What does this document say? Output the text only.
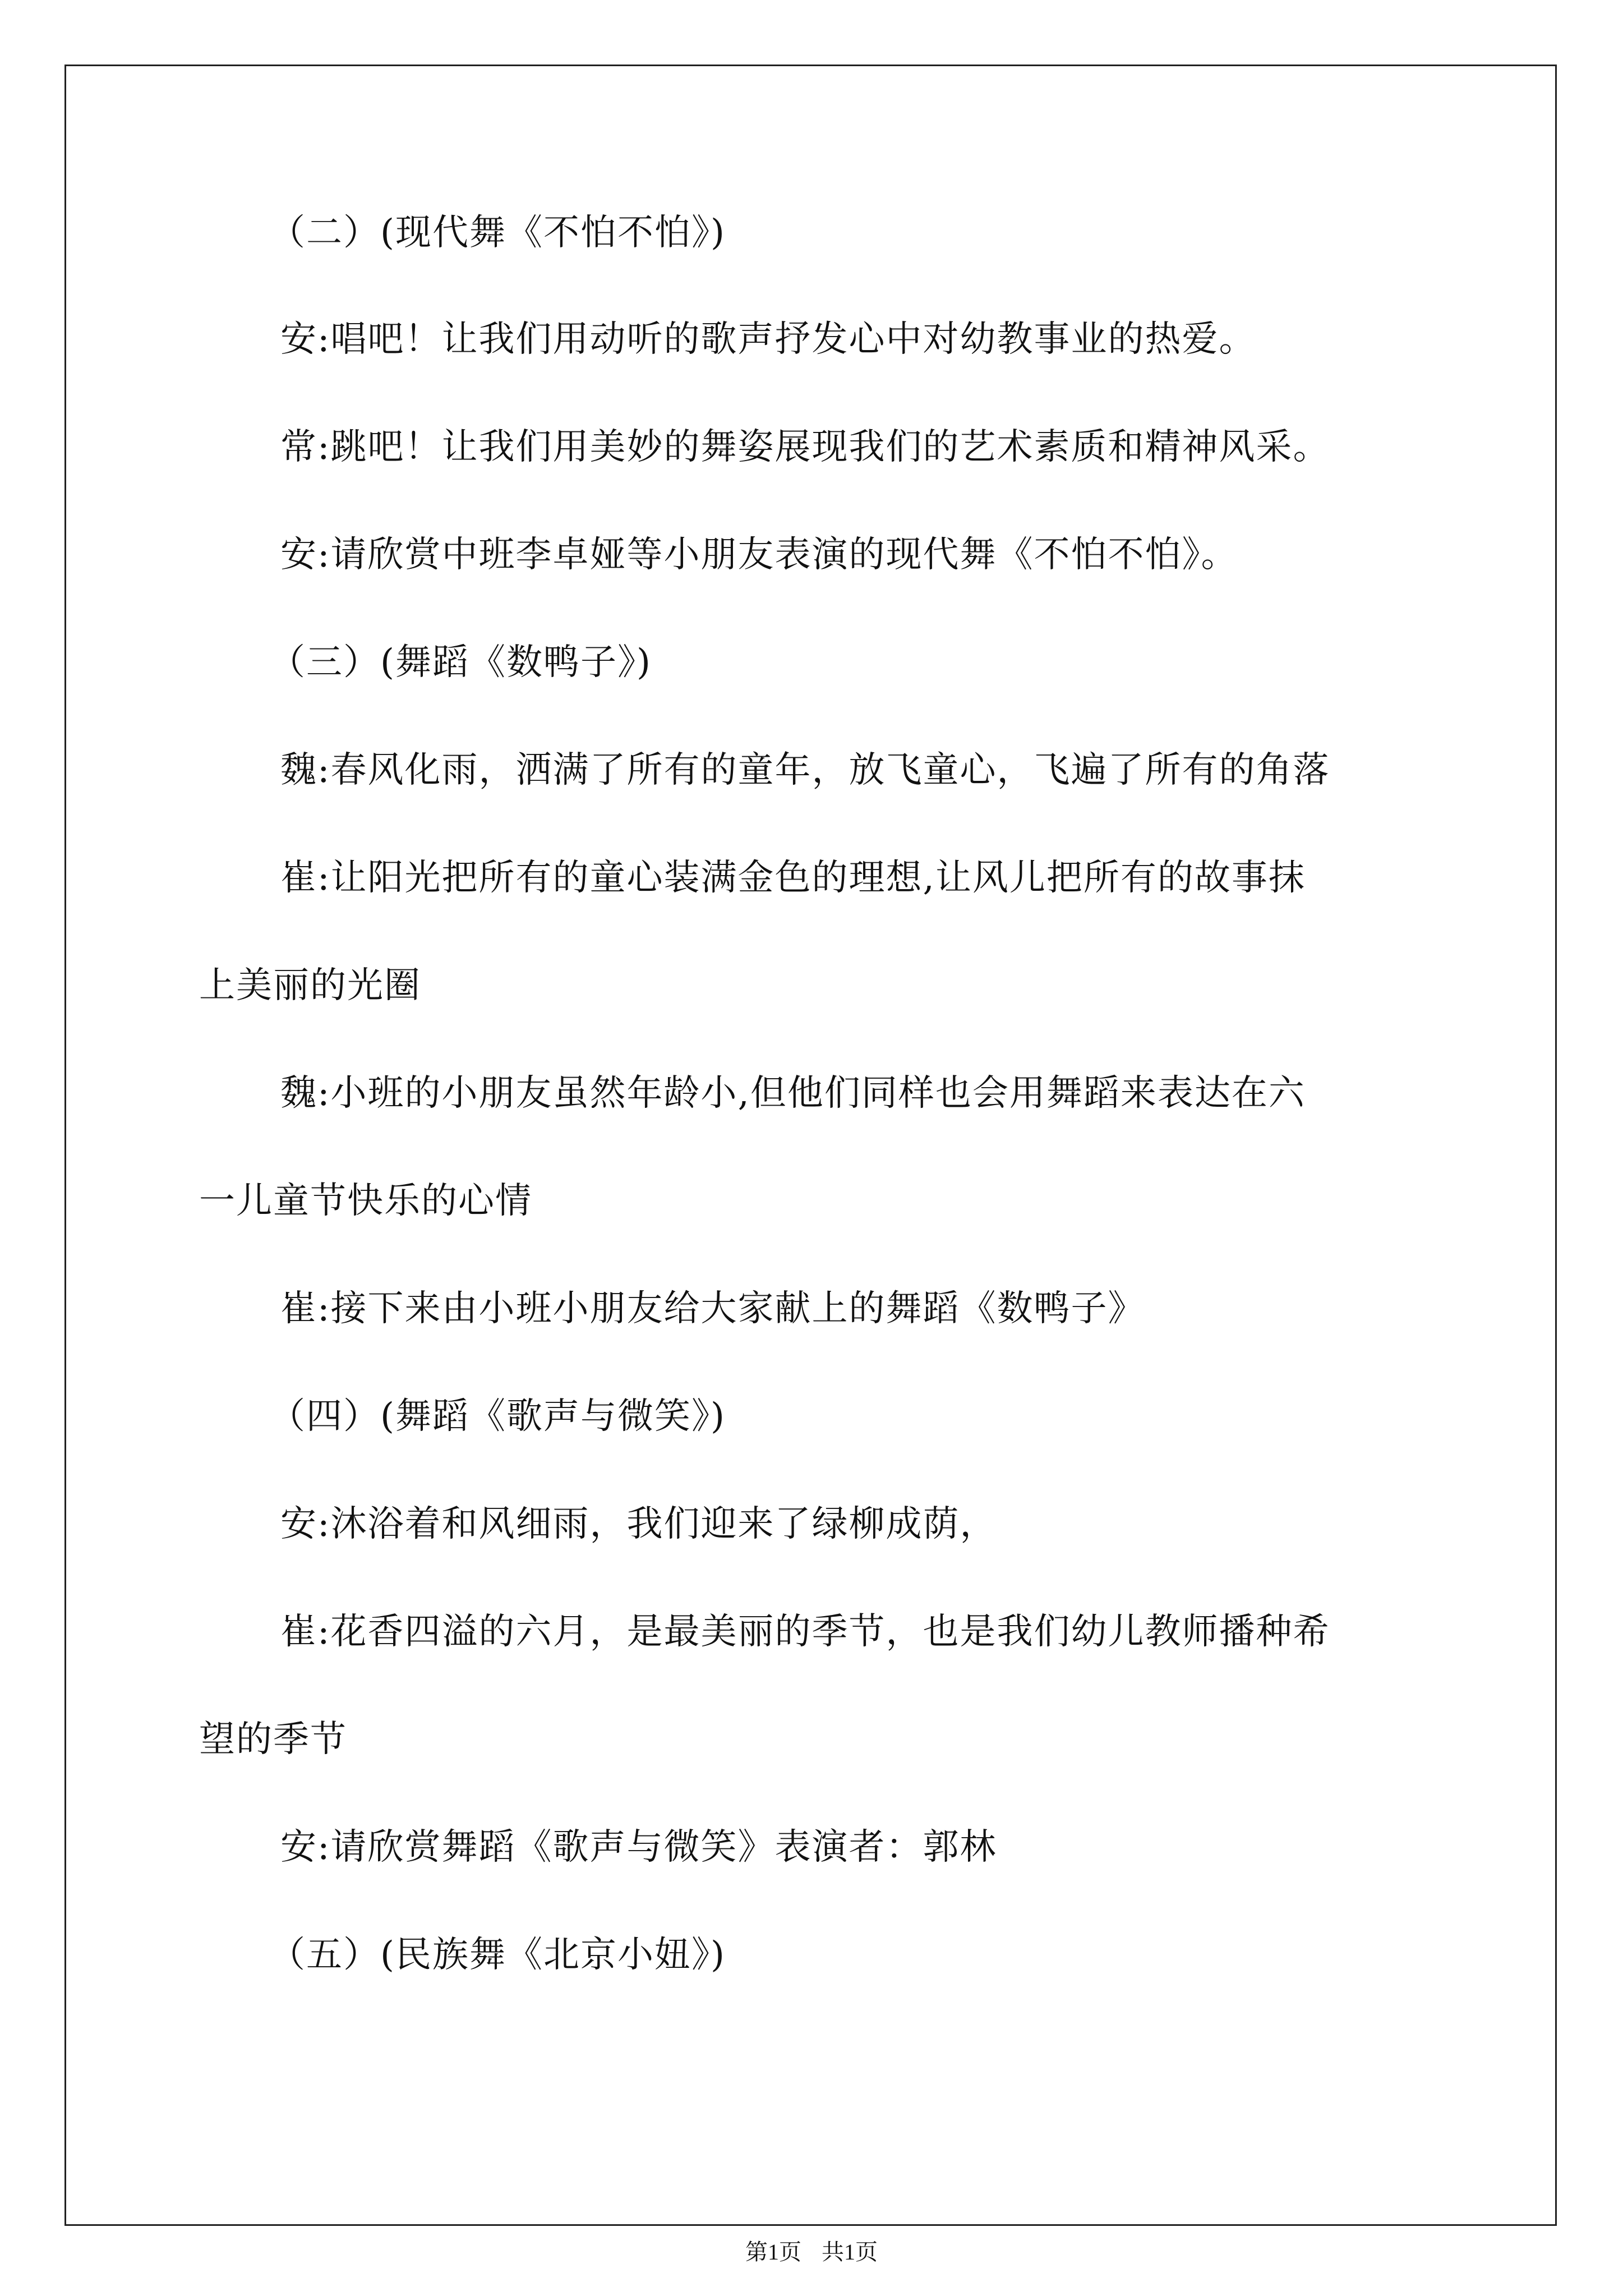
（二）(现代舞《不怕不怕》)
安:唱吧！让我们用动听的歌声抒发心中对幼教事业的热爱。
常:跳吧！让我们用美妙的舞姿展现我们的艺术素质和精神风采。
安:请欣赏中班李卓娅等小朋友表演的现代舞《不怕不怕》。
（三）(舞蹈《数鸭子》)
魏:春风化雨，洒满了所有的童年，放飞童心，飞遍了所有的角落
崔:让阳光把所有的童心装满金色的理想,让风儿把所有的故事抹
上美丽的光圈
魏:小班的小朋友虽然年龄小,但他们同样也会用舞蹈来表达在六
一儿童节快乐的心情
崔:接下来由小班小朋友给大家献上的舞蹈《数鸭子》
（四）(舞蹈《歌声与微笑》)
安:沐浴着和风细雨，我们迎来了绿柳成荫，
崔:花香四溢的六月，是最美丽的季节，也是我们幼儿教师播种希
望的季节
安:请欣赏舞蹈《歌声与微笑》表演者：郭林
（五）(民族舞《北京小妞》)
第1页 共1页
